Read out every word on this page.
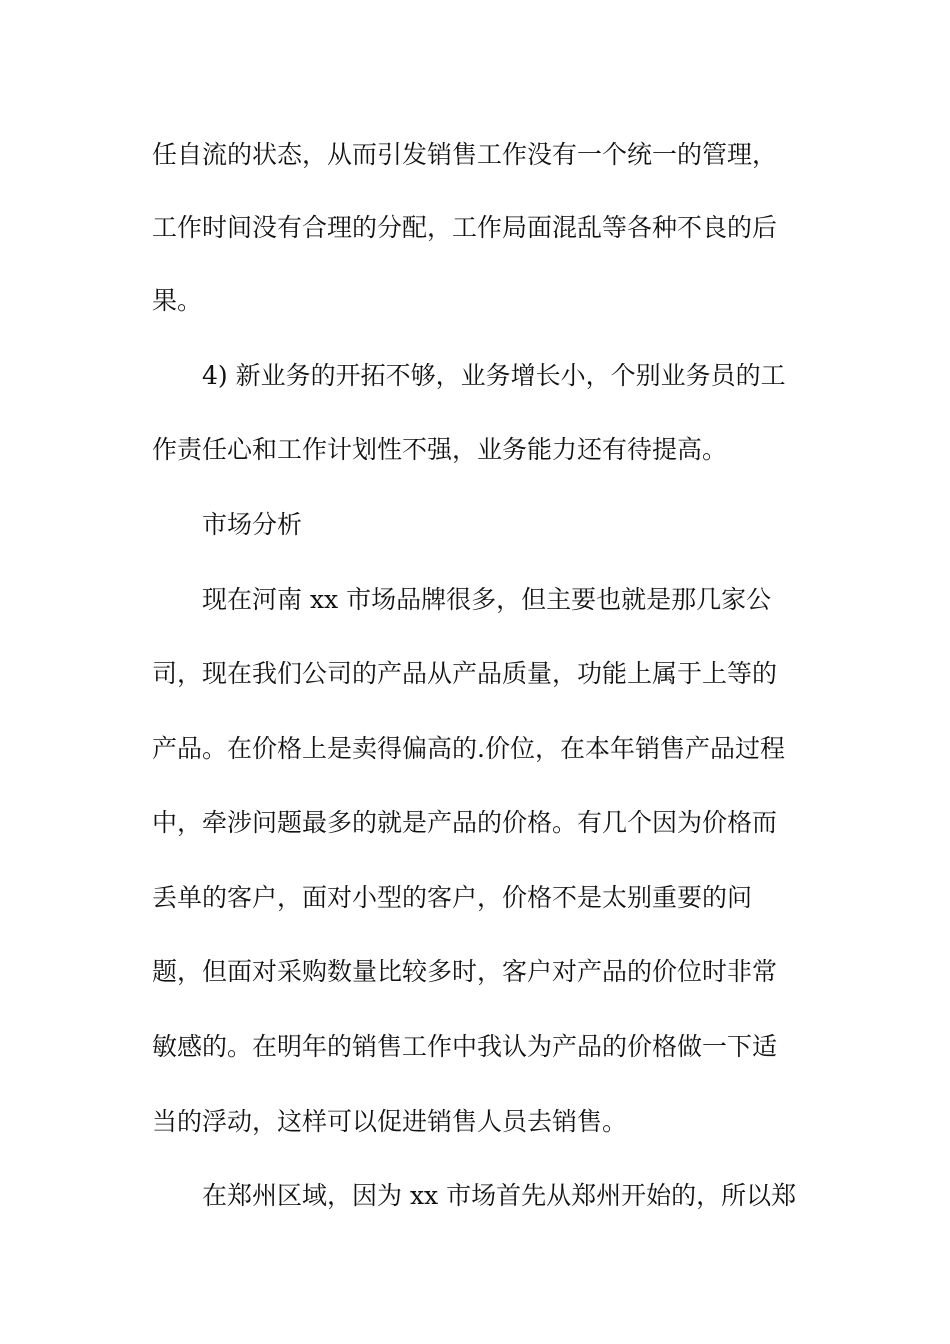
任自流的状态，从而引发销售工作没有一个统一的管理，
工作时间没有合理的分配，工作局面混乱等各种不良的后
果。
4) 新业务的开拓不够，业务增长小，个别业务员的工
作责任心和工作计划性不强，业务能力还有待提高。
市场分析
现在河南 xx 市场品牌很多，但主要也就是那几家公
司，现在我们公司的产品从产品质量，功能上属于上等的
产品。在价格上是卖得偏高的.价位，在本年销售产品过程
中，牵涉问题最多的就是产品的价格。有几个因为价格而
丢单的客户，面对小型的客户，价格不是太别重要的问
题，但面对采购数量比较多时，客户对产品的价位时非常
敏感的。在明年的销售工作中我认为产品的价格做一下适
当的浮动，这样可以促进销售人员去销售。
在郑州区域，因为 xx 市场首先从郑州开始的，所以郑
